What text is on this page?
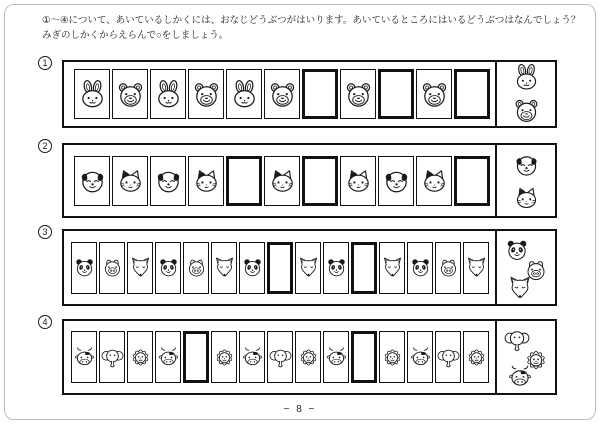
①〜④について、あいているしかくには、おなじどうぶつがはいります。あいているところにはいるどうぶつはなんでしょう？
みぎのしかくからえらんで○をしましょう。
1
2
3
4
− 8 −
